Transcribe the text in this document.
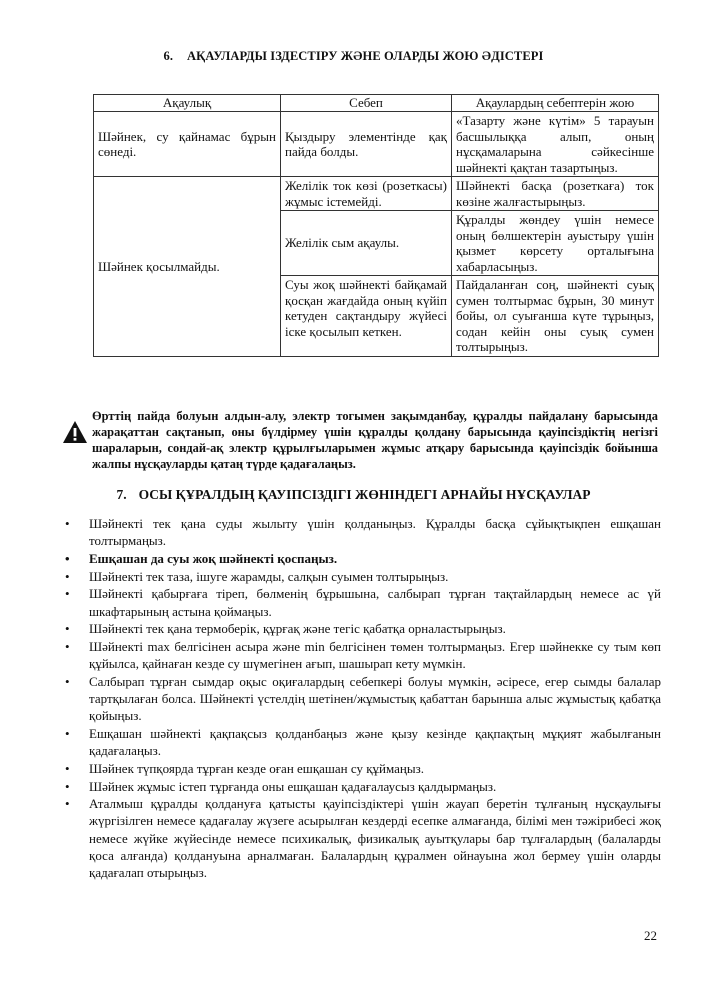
6. АҚАУЛАРДЫ ІЗДЕСТІРУ ЖӘНЕ ОЛАРДЫ ЖОЮ ӘДІСТЕРІ
Ақаулық	Себеп	Ақаулардың себептерін жою
Шәйнек, су қайнамас бұрын сөнеді.	Қыздыру элементінде қақ пайда болды.	«Тазарту және күтім» 5 тарауын басшылыққа алып, оның нұсқамаларына сәйкесінше шәйнекті қақтан тазартыңыз.
Шәйнек қосылмайды.	Желілік ток көзі (розеткасы) жұмыс істемейді.	Шәйнекті басқа (розеткаға) ток көзіне жалғастырыңыз.
	Желілік сым ақаулы.	Құралды жөндеу үшін немесе оның бөлшектерін ауыстыру үшін қызмет көрсету орталығына хабарласыңыз.
	Суы жоқ шәйнекті байқамай қосқан жағдайда оның күйіп кетуден сақтандыру жүйесі іске қосылып кеткен.	Пайдаланған соң, шәйнекті суық сумен толтырмас бұрын, 30 минут бойы, ол суығанша күте тұрыңыз, содан кейін оны суық сумен толтырыңыз.
Өрттің пайда болуын алдын-алу, электр тогымен зақымданбау, құралды пайдалану барысында жарақаттан сақтанып, оны бүлдірмеу үшін құралды қолдану барысында қауіпсіздіктің негізгі шараларын, сондай-ақ электр құрылғыларымен жұмыс атқару барысында қауіпсіздік бойынша жалпы нұсқауларды қатаң түрде қадағалаңыз.
7. ОСЫ ҚҰРАЛДЫҢ ҚАУІПСІЗДІГІ ЖӨНІНДЕГІ АРНАЙЫ НҰСҚАУЛАР
• Шәйнекті тек қана суды жылыту үшін қолданыңыз. Құралды басқа сұйықтықпен ешқашан толтырмаңыз.
• Ешқашан да суы жоқ шәйнекті қоспаңыз.
• Шәйнекті тек таза, ішуге жарамды, салқын суымен толтырыңыз.
• Шәйнекті қабырғаға тіреп, бөлменің бұрышына, салбырап тұрған тақтайлардың немесе ас үй шкафтарының астына қоймаңыз.
• Шәйнекті тек қана термоберік, құрғақ және тегіс қабатқа орналастырыңыз.
• Шәйнекті max белгісінен асыра және min белгісінен төмен толтырмаңыз. Егер шәйнекке су тым көп құйылса, қайнаған кезде су шүмегінен ағып, шашырап кету мүмкін.
• Салбырап тұрған сымдар оқыс оқиғалардың себепкері болуы мүмкін, әсіресе, егер сымды балалар тартқылаған болса. Шәйнекті үстелдің шетінен/жұмыстық қабаттан барынша алыс жұмыстық қабатқа қойыңыз.
• Ешқашан шәйнекті қақпақсыз қолданбаңыз және қызу кезінде қақпақтың мұқият жабылғанын қадағалаңыз.
• Шәйнек түпқоярда тұрған кезде оған ешқашан су құймаңыз.
• Шәйнек жұмыс істеп тұрғанда оны ешқашан қадағалаусыз қалдырмаңыз.
• Аталмыш құралды қолдануға қатысты қауіпсіздіктері үшін жауап беретін тұлғаның нұсқаулығы жүргізілген немесе қадағалау жүзеге асырылған кездерді есепке алмағанда, білімі мен тәжірибесі жоқ немесе жүйке жүйесінде немесе психикалық, физикалық ауытқулары бар тұлғалардың (балаларды қоса алғанда) қолдануына арналмаған. Балалардың құралмен ойнауына жол бермеу үшін оларды қадағалап отырыңыз.
22
